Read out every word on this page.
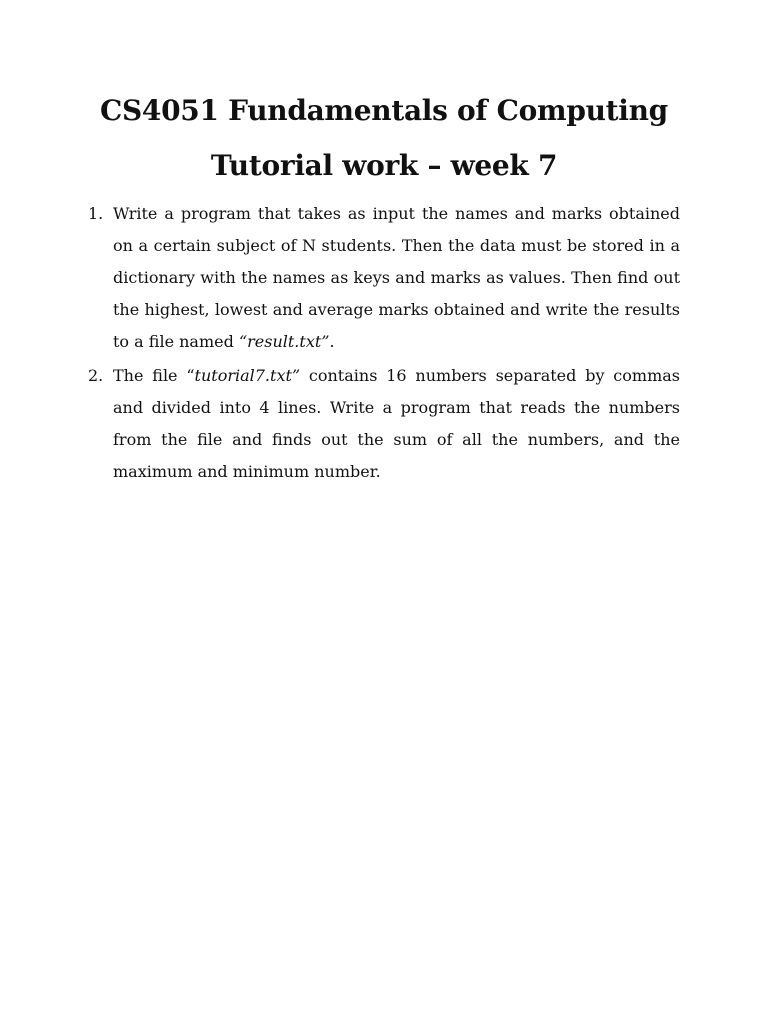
CS4051 Fundamentals of Computing
Tutorial work – week 7
1. Write a program that takes as input the names and marks obtained on a certain subject of N students. Then the data must be stored in a dictionary with the names as keys and marks as values. Then find out the highest, lowest and average marks obtained and write the results to a file named “result.txt”.
2. The file “tutorial7.txt” contains 16 numbers separated by commas and divided into 4 lines. Write a program that reads the numbers from the file and finds out the sum of all the numbers, and the maximum and minimum number.
